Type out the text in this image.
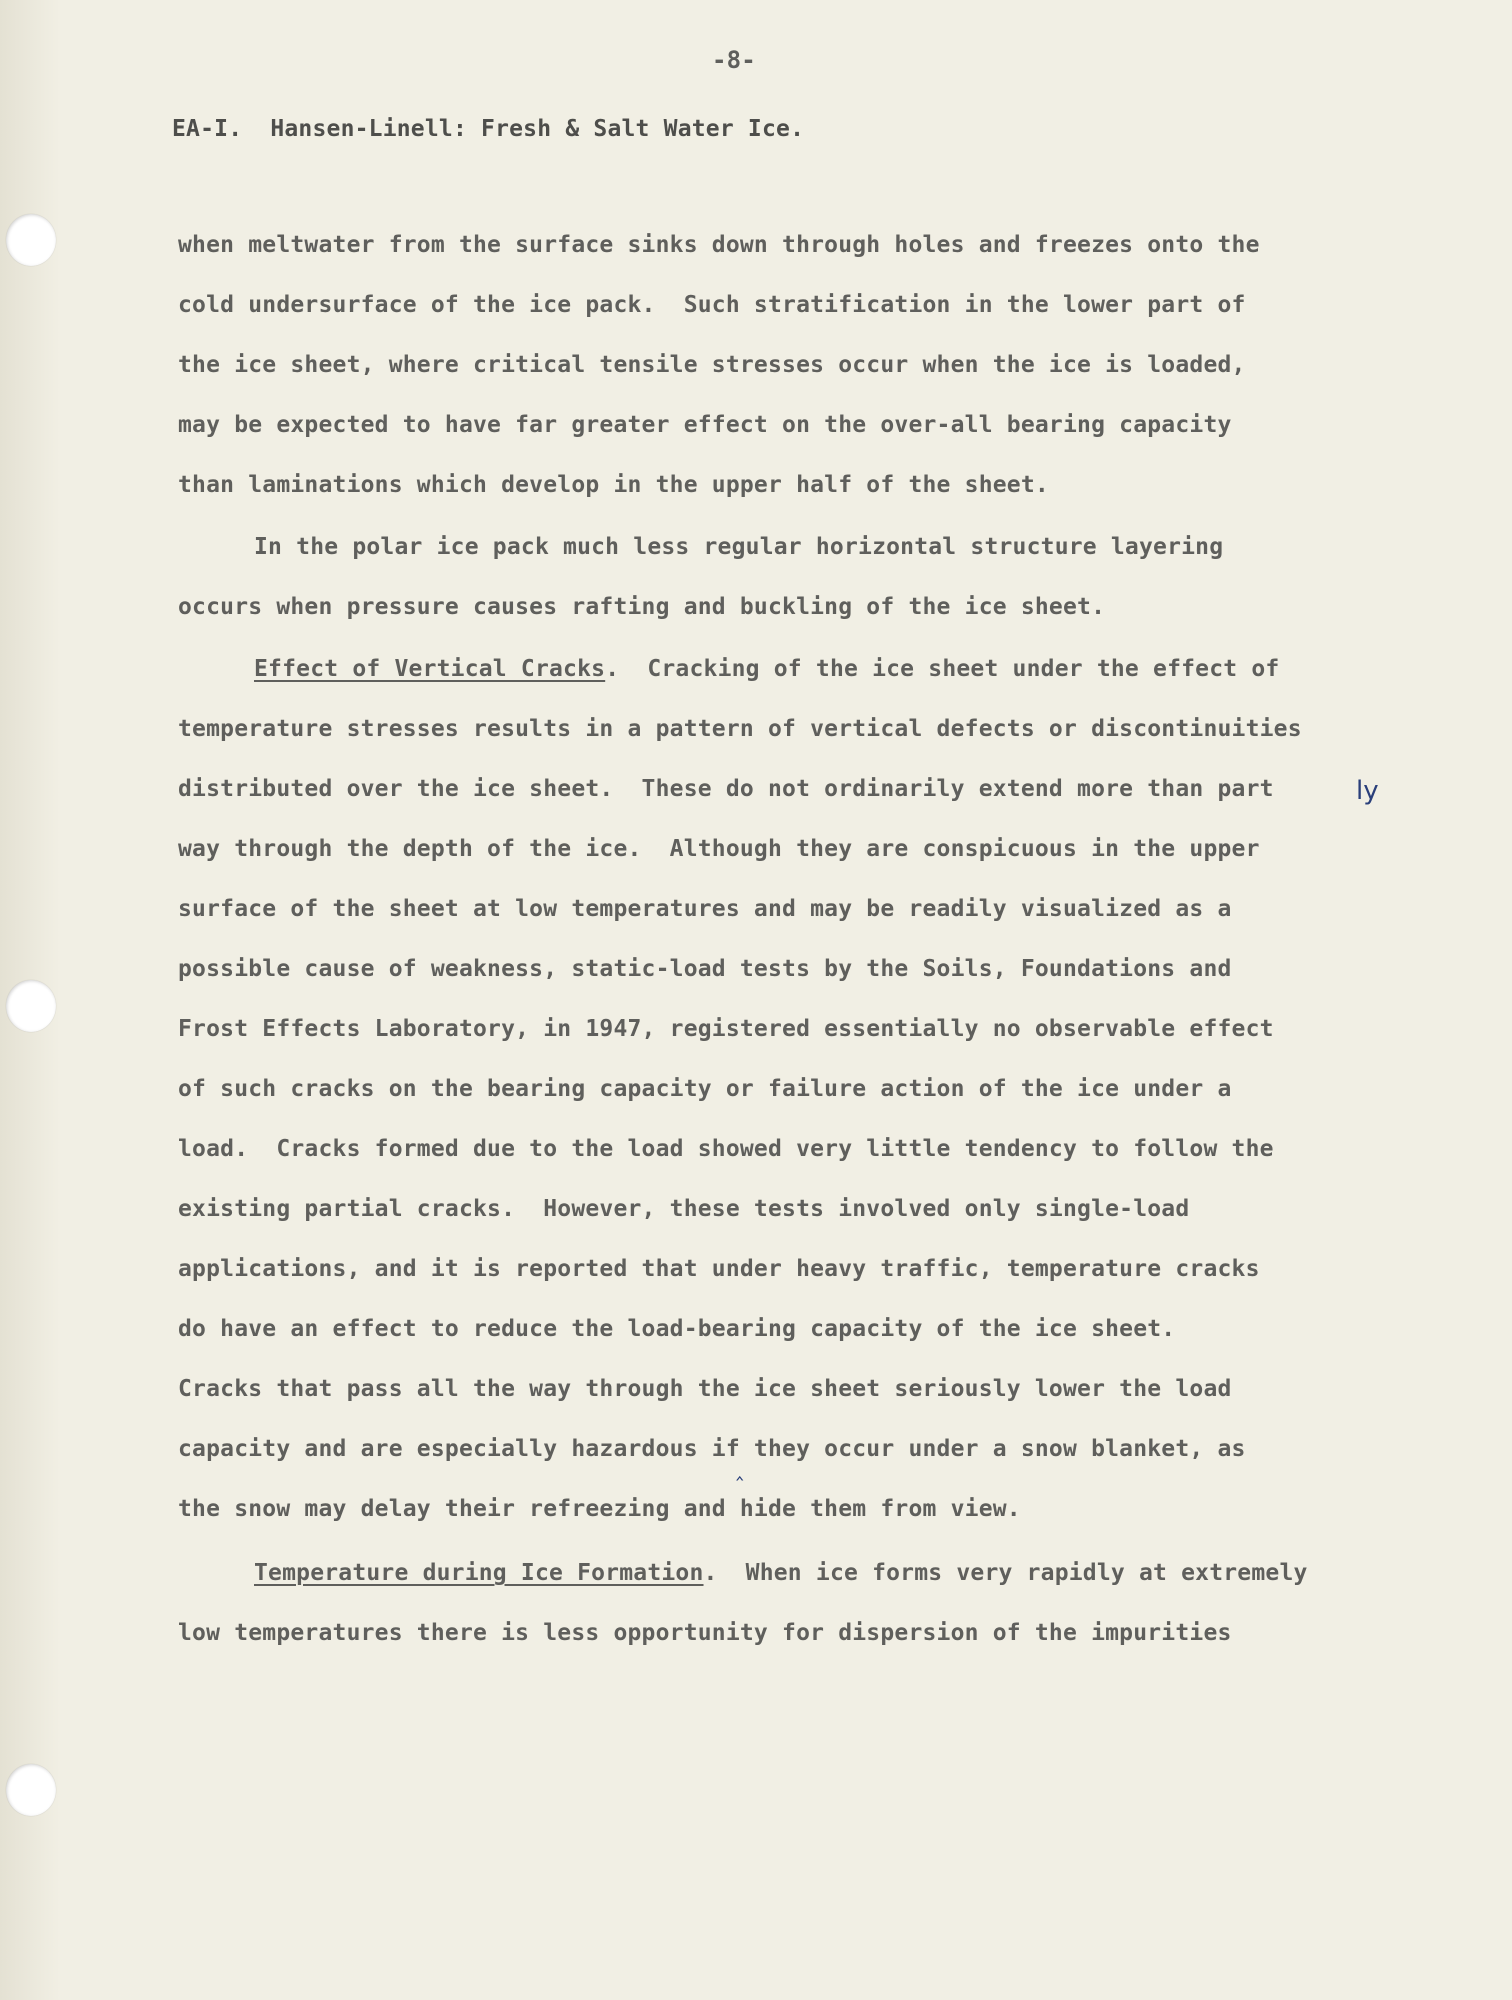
-8-
EA-I.  Hansen-Linell: Fresh & Salt Water Ice.
when meltwater from the surface sinks down through holes and freezes onto the
cold undersurface of the ice pack.  Such stratification in the lower part of
the ice sheet, where critical tensile stresses occur when the ice is loaded,
may be expected to have far greater effect on the over-all bearing capacity
than laminations which develop in the upper half of the sheet.
In the polar ice pack much less regular horizontal structure layering
occurs when pressure causes rafting and buckling of the ice sheet.
Effect of Vertical Cracks.  Cracking of the ice sheet under the effect of
temperature stresses results in a pattern of vertical defects or discontinuities
distributed over the ice sheet.  These do not ordinarily extend more than part	ly
way through the depth of the ice.  Although they are conspicuous in the upper
surface of the sheet at low temperatures and may be readily visualized as a
possible cause of weakness, static-load tests by the Soils, Foundations and
Frost Effects Laboratory, in 1947, registered essentially no observable effect
of such cracks on the bearing capacity or failure action of the ice under a
load.  Cracks formed due to the load showed very little tendency to follow the
existing partial cracks.  However, these tests involved only single-load
applications, and it is reported that under heavy traffic, temperature cracks
do have an effect to reduce the load-bearing capacity of the ice sheet.
Cracks that pass all the way through the ice sheet seriously lower the load
capacity and are especially hazardous if they occur under a snow blanket, as
‸
the snow may delay their refreezing and hide them from view.
Temperature during Ice Formation.  When ice forms very rapidly at extremely
low temperatures there is less opportunity for dispersion of the impurities
